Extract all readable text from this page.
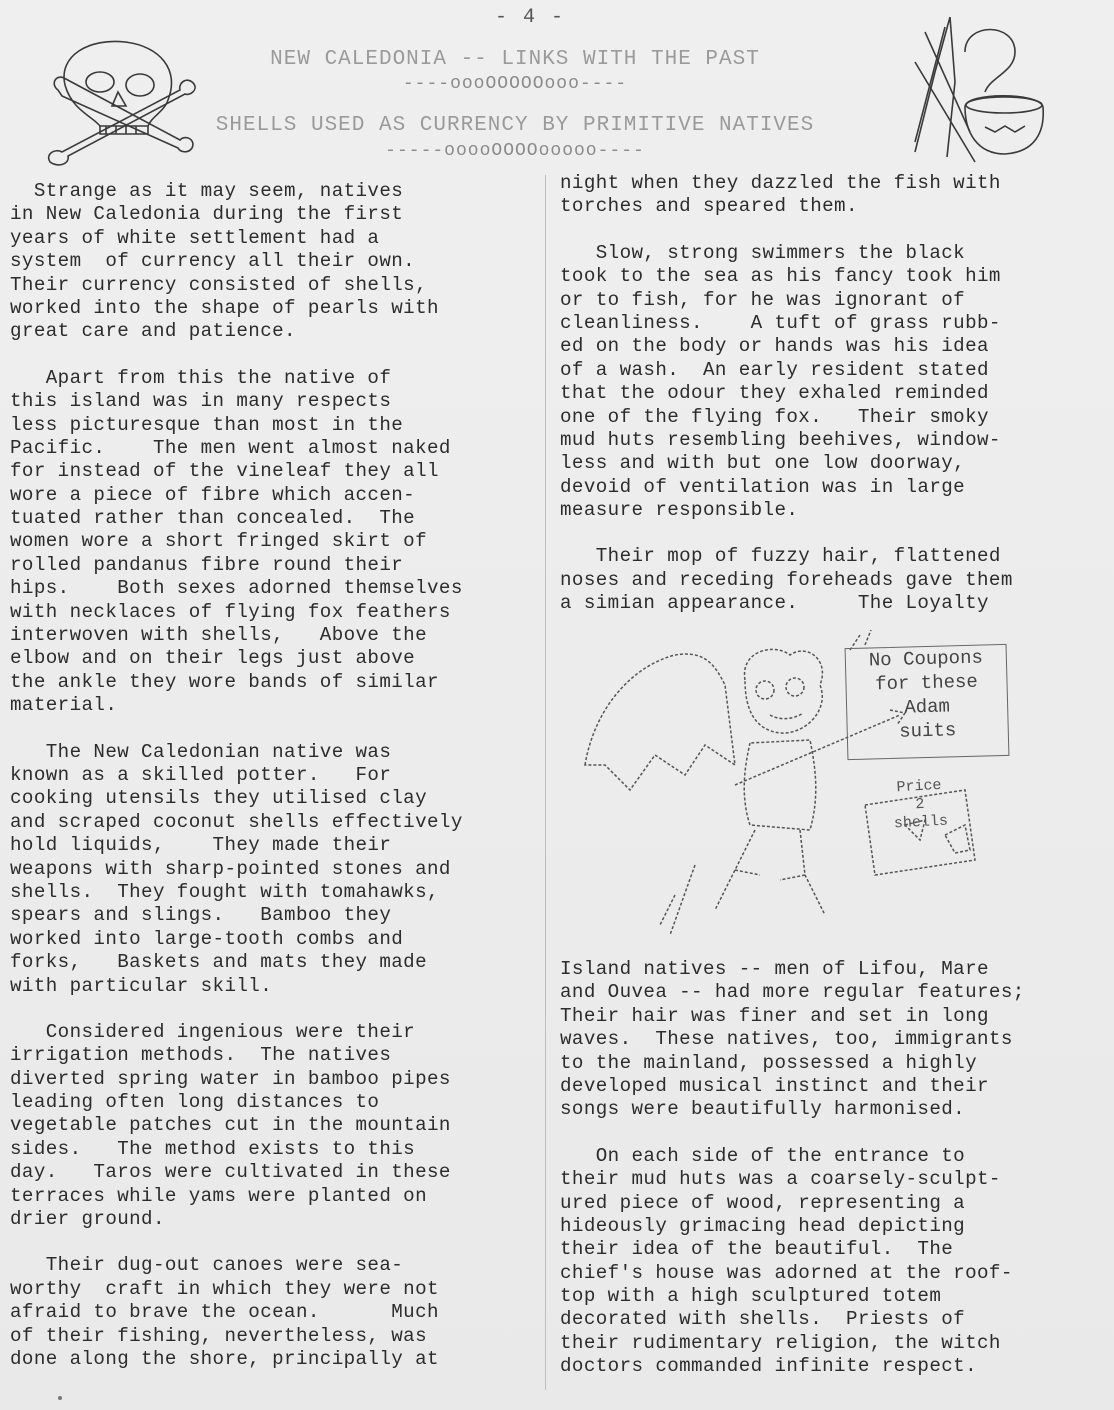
- 4 -
NEW CALEDONIA -- LINKS WITH THE PAST
----oooOOOOOooo----
SHELLS USED AS CURRENCY BY PRIMITIVE NATIVES
-----ooooOOOOooooo----
Strange as it may seem, natives
in New Caledonia during the first
years of white settlement had a
system  of currency all their own.
Their currency consisted of shells,
worked into the shape of pearls with
great care and patience.
Apart from this the native of
this island was in many respects
less picturesque than most in the
Pacific.    The men went almost naked
for instead of the vineleaf they all
wore a piece of fibre which accen-
tuated rather than concealed.  The
women wore a short fringed skirt of
rolled pandanus fibre round their
hips.    Both sexes adorned themselves
with necklaces of flying fox feathers
interwoven with shells,   Above the
elbow and on their legs just above
the ankle they wore bands of similar
material.
The New Caledonian native was
known as a skilled potter.   For
cooking utensils they utilised clay
and scraped coconut shells effectively
hold liquids,    They made their
weapons with sharp-pointed stones and
shells.  They fought with tomahawks,
spears and slings.   Bamboo they
worked into large-tooth combs and
forks,   Baskets and mats they made
with particular skill.
Considered ingenious were their
irrigation methods.  The natives
diverted spring water in bamboo pipes
leading often long distances to
vegetable patches cut in the mountain
sides.   The method exists to this
day.   Taros were cultivated in these
terraces while yams were planted on
drier ground.
Their dug-out canoes were sea-
worthy  craft in which they were not
afraid to brave the ocean.      Much
of their fishing, nevertheless, was
done along the shore, principally at
night when they dazzled the fish with
torches and speared them.
Slow, strong swimmers the black
took to the sea as his fancy took him
or to fish, for he was ignorant of
cleanliness.    A tuft of grass rubb-
ed on the body or hands was his idea
of a wash.  An early resident stated
that the odour they exhaled reminded
one of the flying fox.   Their smoky
mud huts resembling beehives, window-
less and with but one low doorway,
devoid of ventilation was in large
measure responsible.
Their mop of fuzzy hair, flattened
noses and receding foreheads gave them
a simian appearance.     The Loyalty
No Coupons
for these
Adam
suits
Price
2 shells
Island natives -- men of Lifou, Mare
and Ouvea -- had more regular features;
Their hair was finer and set in long
waves.  These natives, too, immigrants
to the mainland, possessed a highly
developed musical instinct and their
songs were beautifully harmonised.
On each side of the entrance to
their mud huts was a coarsely-sculpt-
ured piece of wood, representing a
hideously grimacing head depicting
their idea of the beautiful.  The
chief's house was adorned at the roof-
top with a high sculptured totem
decorated with shells.  Priests of
their rudimentary religion, the witch
doctors commanded infinite respect.
